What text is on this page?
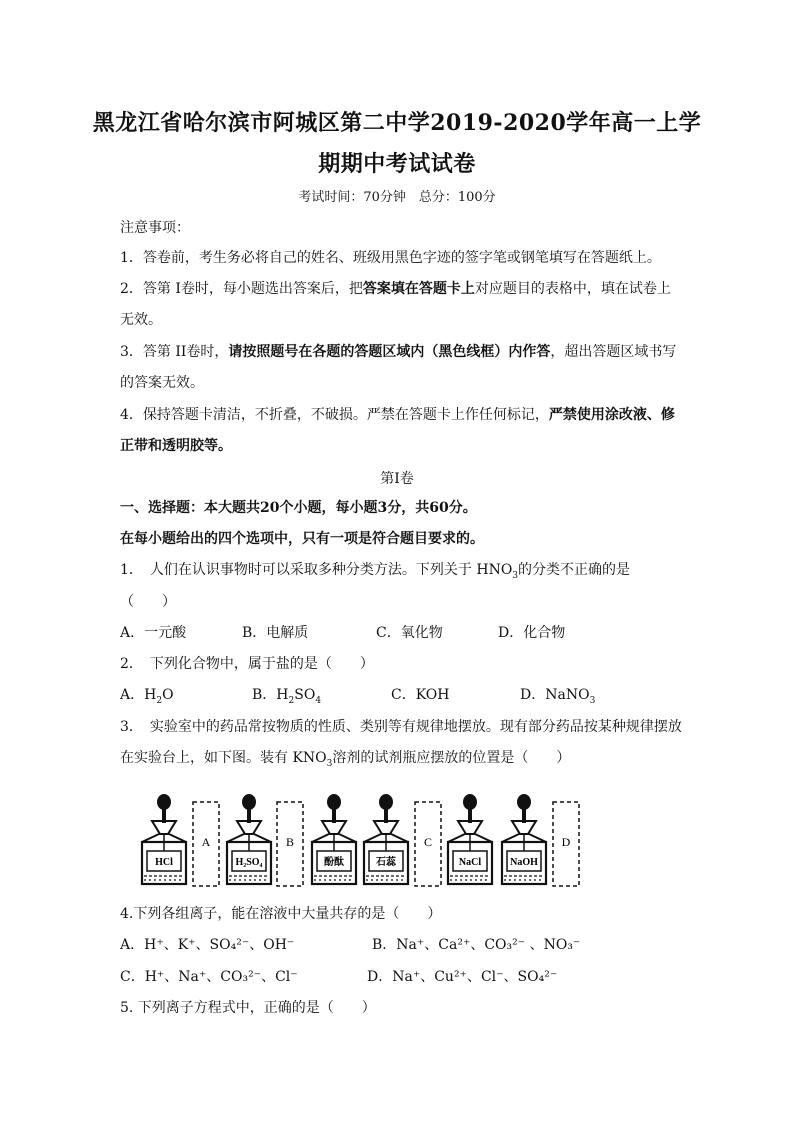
黑龙江省哈尔滨市阿城区第二中学2019-2020学年高一上学
期期中考试试卷
考试时间：70分钟　总分：100分
注意事项：
1．答卷前，考生务必将自己的姓名、班级用黑色字迹的签字笔或钢笔填写在答题纸上。
2．答第 I卷时，每小题选出答案后，把答案填在答题卡上对应题目的表格中，填在试卷上
无效。
3．答第 II卷时，请按照题号在各题的答题区域内（黑色线框）内作答，超出答题区域书写
的答案无效。
4．保持答题卡清洁，不折叠，不破损。严禁在答题卡上作任何标记，严禁使用涂改液、修
正带和透明胶等。
第Ⅰ卷
一、选择题：本大题共20个小题，每小题3分，共60分。
在每小题给出的四个选项中，只有一项是符合题目要求的。
1．　人们在认识事物时可以采取多种分类方法。下列关于 $HNO_3$的分类不正确的是
（　　）
A．一元酸	B．电解质	C．氧化物	D．化合物
2．　下列化合物中，属于盐的是（　　）
A．$H_2O$	B．$H_2SO_4$	C．KOH	D．NaNO$_3$
3．　实验室中的药品常按物质的性质、类别等有规律地摆放。现有部分药品按某种规律摆放
在实验台上，如下图。装有 $KNO_3$溶剂的试剂瓶应摆放的位置是（　　）
HCl	H₂SO₄	酚酞	石蕊	NaCl	NaOH
A	B	C	D
4.下列各组离子，能在溶液中大量共存的是（　　）
A．H⁺、K⁺、SO₄²⁻、OH⁻	B．Na⁺、Ca²⁺、CO₃²⁻ 、NO₃⁻
C．H⁺、Na⁺、CO₃²⁻、Cl⁻	D．Na⁺、Cu²⁺、Cl⁻、SO₄²⁻
5. 下列离子方程式中，正确的是（　　）
